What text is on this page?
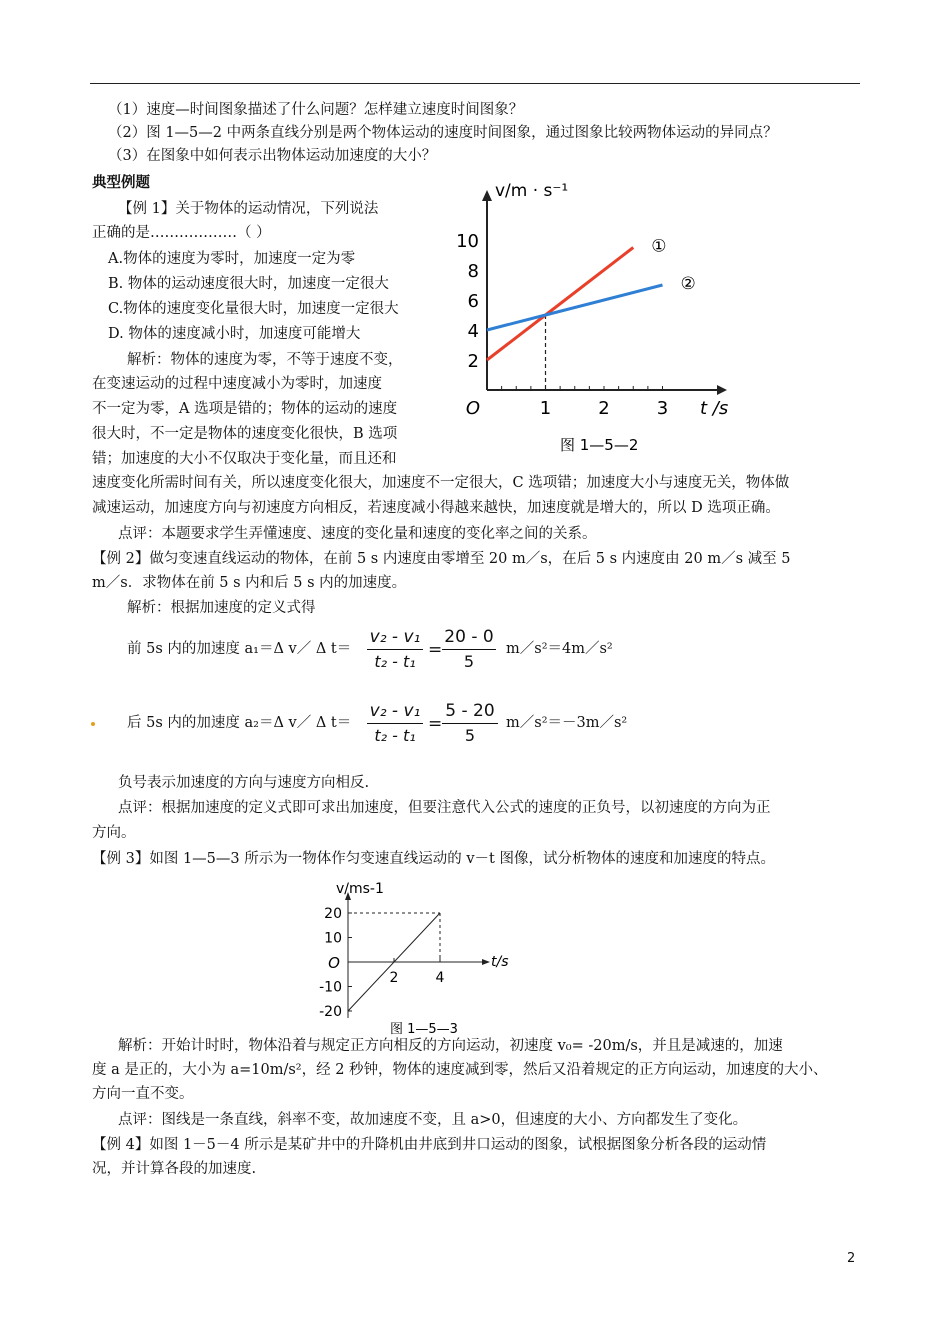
（1）速度—时间图象描述了什么问题？怎样建立速度时间图象？
（2）图 1—5—2 中两条直线分别是两个物体运动的速度时间图象，通过图象比较两物体运动的异同点？
（3）在图象中如何表示出物体运动加速度的大小？
典型例题
【例 1】关于物体的运动情况，下列说法
正确的是………………（ ）
A.物体的速度为零时，加速度一定为零
B. 物体的运动速度很大时，加速度一定很大
C.物体的速度变化量很大时，加速度一定很大
D. 物体的速度减小时，加速度可能增大
解析：物体的速度为零，不等于速度不变，
在变速运动的过程中速度减小为零时，加速度
不一定为零，A 选项是错的；物体的运动的速度
很大时，不一定是物体的速度变化很快，B 选项
错；加速度的大小不仅取决于变化量，而且还和
速度变化所需时间有关，所以速度变化很大，加速度不一定很大，C 选项错；加速度大小与速度无关，物体做
减速运动，加速度方向与初速度方向相反，若速度减小得越来越快，加速度就是增大的，所以 D 选项正确。
点评：本题要求学生弄懂速度、速度的变化量和速度的变化率之间的关系。
1	2	3
2
4
6
8
10
O	t /s
v/m · s⁻¹
①
②
图 1—5—2
【例 2】做匀变速直线运动的物体，在前 5 s 内速度由零增至 20 m／s，在后 5 s 内速度由 20 m／s 减至 5
m／s．求物体在前 5 s 内和后 5 s 内的加速度。
解析：根据加速度的定义式得
前 5s 内的加速度 a₁＝Δ v／ Δ t＝
v₂ - v₁
t₂ - t₁
=
20 - 0
5
m／s²＝4m／s²
后 5s 内的加速度 a₂＝Δ v／ Δ t＝
v₂ - v₁
t₂ - t₁
=
5 - 20
5
m／s²＝－3m／s²
负号表示加速度的方向与速度方向相反.
点评：根据加速度的定义式即可求出加速度，但要注意代入公式的速度的正负号，以初速度的方向为正
方向。
【例 3】如图 1—5—3 所示为一物体作匀变速直线运动的 v－t 图像，试分析物体的速度和加速度的特点。
20
10
-10
-20
2	4
O	t/s
v/ms-1
图 1—5—3
解析：开始计时时，物体沿着与规定正方向相反的方向运动，初速度 v₀= -20m/s，并且是减速的，加速
度 a 是正的，大小为 a=10m/s²，经 2 秒钟，物体的速度减到零，然后又沿着规定的正方向运动，加速度的大小、
方向一直不变。
点评：图线是一条直线，斜率不变，故加速度不变，且 a>0，但速度的大小、方向都发生了变化。
【例 4】如图 1－5－4 所示是某矿井中的升降机由井底到井口运动的图象，试根据图象分析各段的运动情
况，并计算各段的加速度.
2
